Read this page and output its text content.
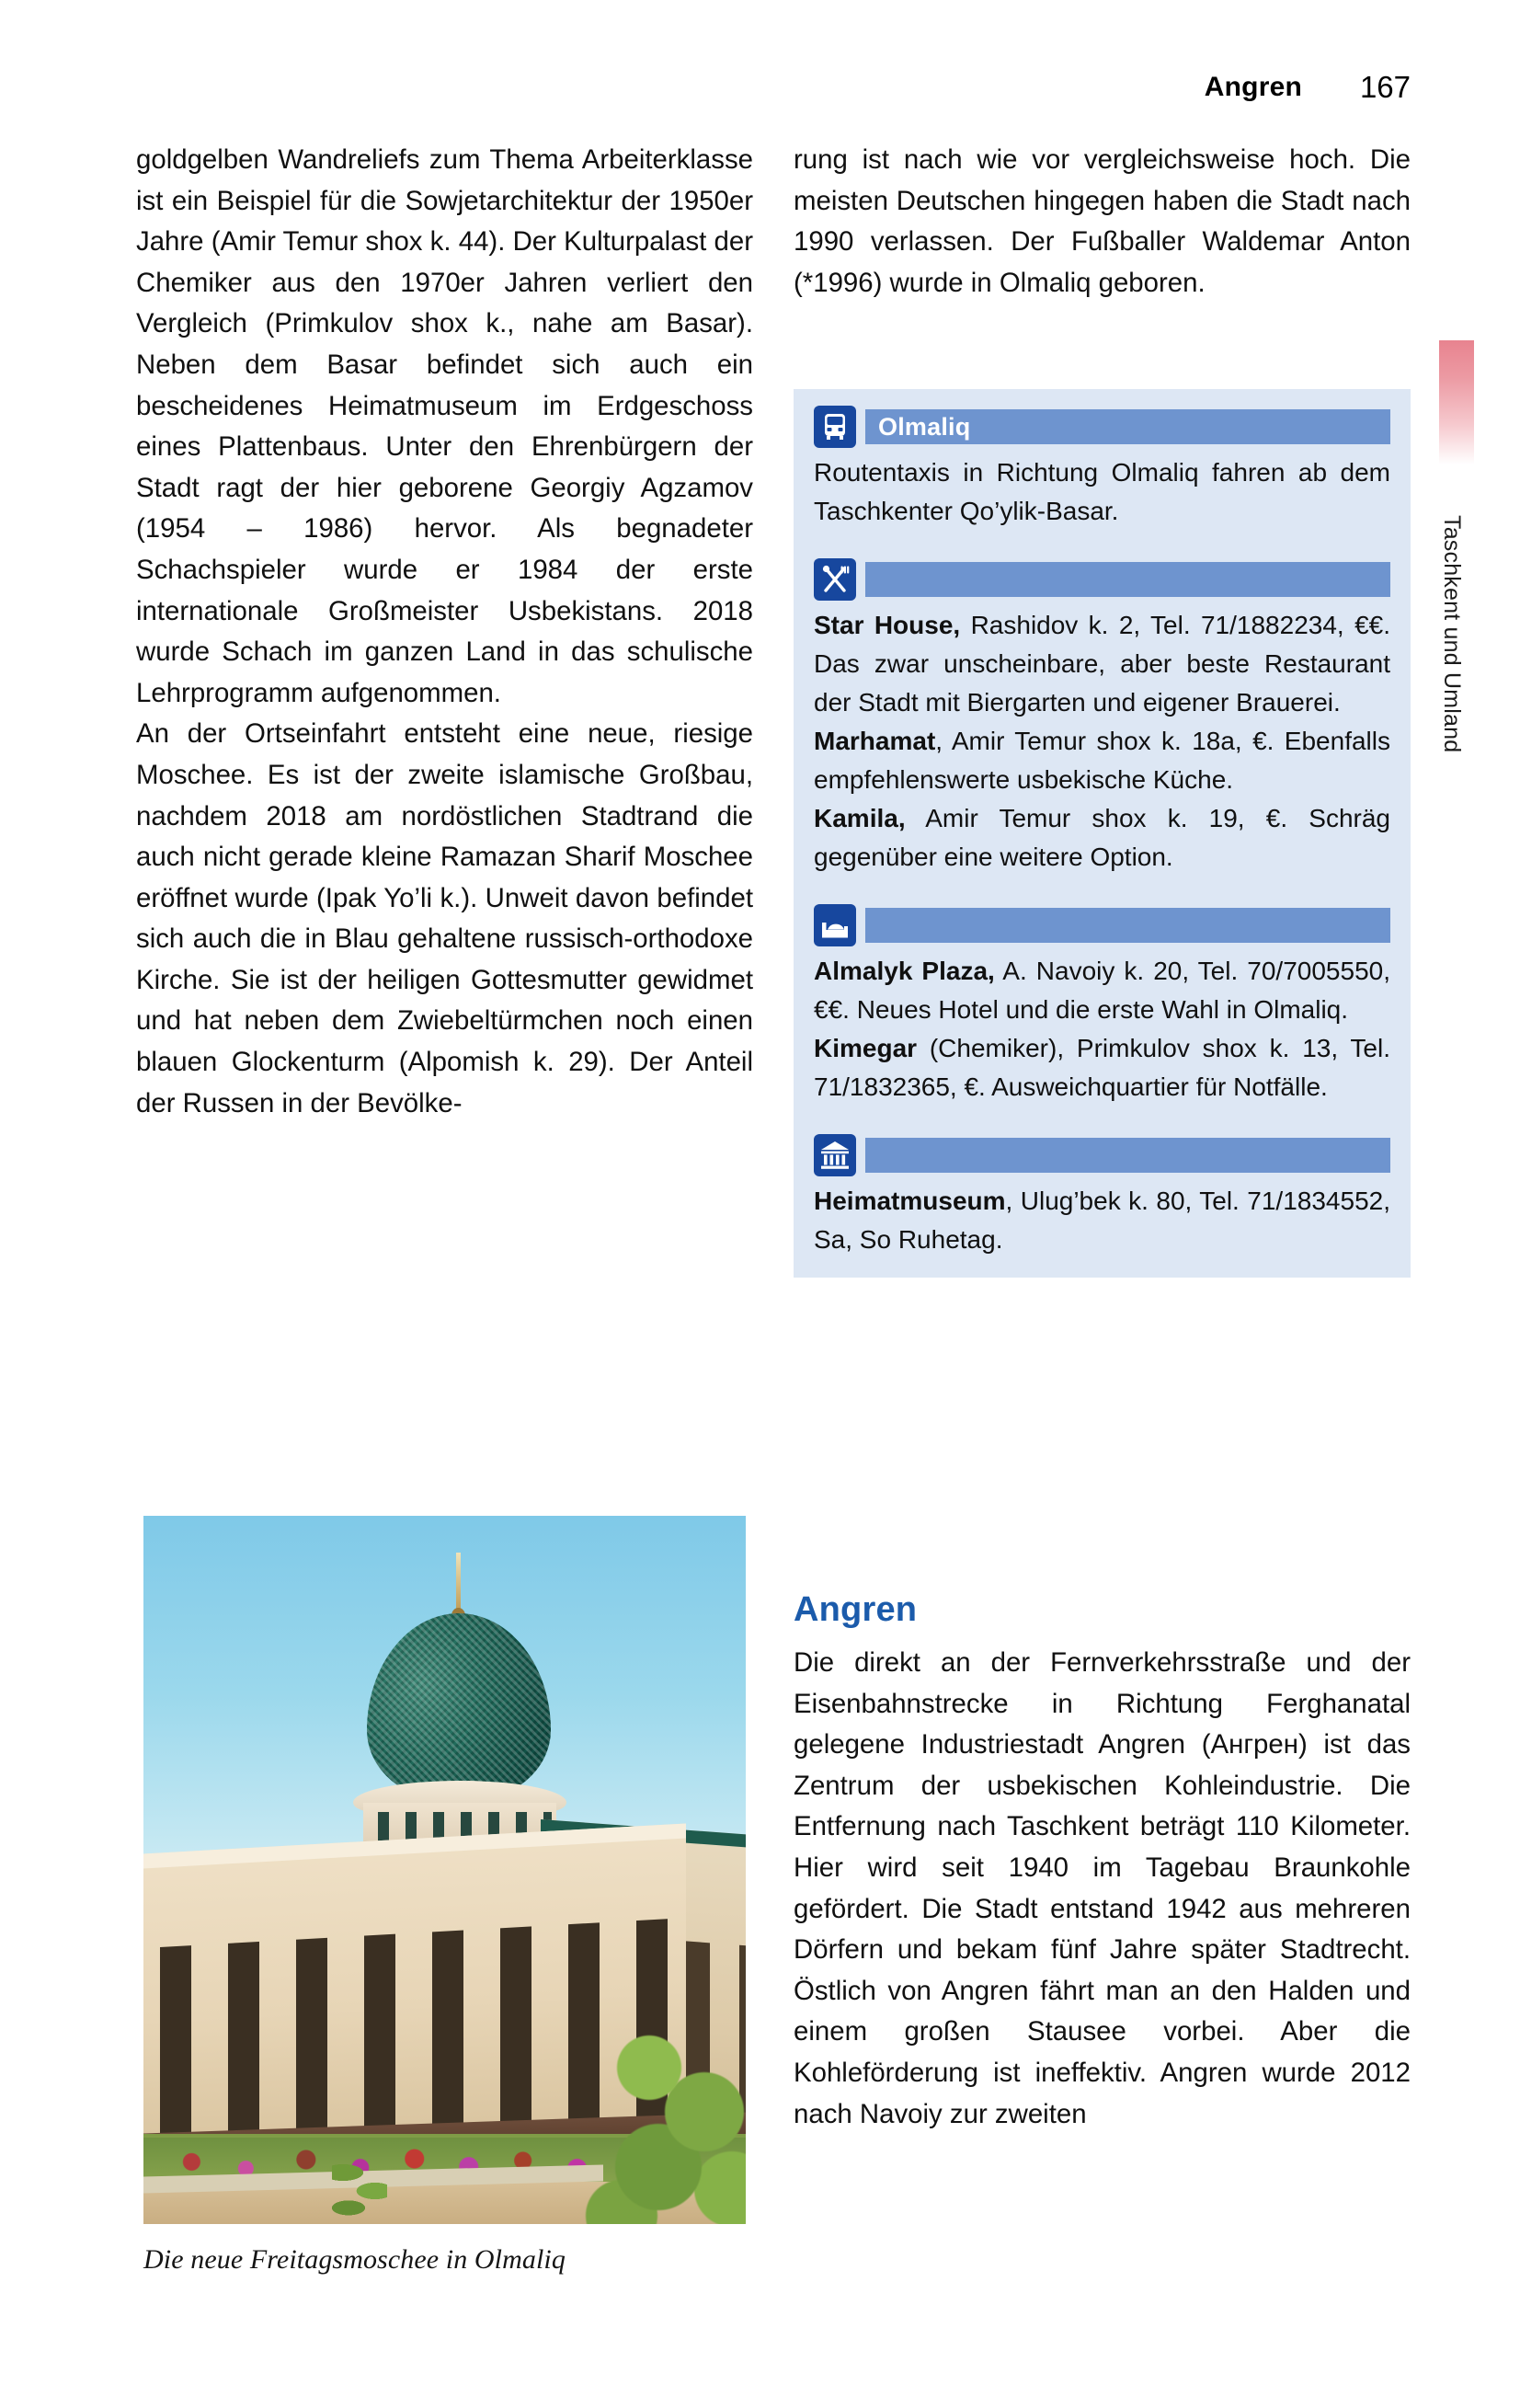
Angren 167
Taschkent und Umland

goldgelben Wandreliefs zum Thema Arbeiterklasse ist ein Beispiel für die Sowjetarchitektur der 1950er Jahre (Amir Temur shox k. 44). Der Kulturpalast der Chemiker aus den 1970er Jahren verliert den Vergleich (Primkulov shox k., nahe am Basar). Neben dem Basar befindet sich auch ein bescheidenes Heimatmuseum im Erdgeschoss eines Plattenbaus. Unter den Ehrenbürgern der Stadt ragt der hier geborene Georgiy Agzamov (1954 – 1986) hervor. Als begnadeter Schachspieler wurde er 1984 der erste internationale Großmeister Usbekistans. 2018 wurde Schach im ganzen Land in das schulische Lehrprogramm aufgenommen.

An der Ortseinfahrt entsteht eine neue, riesige Moschee. Es ist der zweite islamische Großbau, nachdem 2018 am nordöstlichen Stadtrand die auch nicht gerade kleine Ramazan Sharif Moschee eröffnet wurde (Ipak Yo’li k.). Unweit davon befindet sich auch die in Blau gehaltene russisch-orthodoxe Kirche. Sie ist der heiligen Gottesmutter gewidmet und hat neben dem Zwiebeltürmchen noch einen blauen Glockenturm (Alpomish k. 29). Der Anteil der Russen in der Bevölke-

Die neue Freitagsmoschee in Olmaliq

rung ist nach wie vor vergleichsweise hoch. Die meisten Deutschen hingegen haben die Stadt nach 1990 verlassen. Der Fußballer Waldemar Anton (*1996) wurde in Olmaliq geboren.

Olmaliq
Routentaxis in Richtung Olmaliq fahren ab dem Taschkenter Qo’ylik-Basar.
Star House, Rashidov k. 2, Tel. 71/1882234, €€. Das zwar unscheinbare, aber beste Restaurant der Stadt mit Biergarten und eigener Brauerei.
Marhamat, Amir Temur shox k. 18a, €. Ebenfalls empfehlenswerte usbekische Küche.
Kamila, Amir Temur shox k. 19, €. Schräg gegenüber eine weitere Option.
Almalyk Plaza, A. Navoiy k. 20, Tel. 70/7005550, €€. Neues Hotel und die erste Wahl in Olmaliq.
Kimegar (Chemiker), Primkulov shox k. 13, Tel. 71/1832365, €. Ausweichquartier für Notfälle.
Heimatmuseum, Ulug’bek k. 80, Tel. 71/1834552, Sa, So Ruhetag.
Angren

Die direkt an der Fernverkehrsstraße und der Eisenbahnstrecke in Richtung Ferghanatal gelegene Industriestadt Angren (Ангрен) ist das Zentrum der usbekischen Kohleindustrie. Die Entfernung nach Taschkent beträgt 110 Kilometer. Hier wird seit 1940 im Tagebau Braunkohle gefördert. Die Stadt entstand 1942 aus mehreren Dörfern und bekam fünf Jahre später Stadtrecht. Östlich von Angren fährt man an den Halden und einem großen Stausee vorbei. Aber die Kohleförderung ist ineffektiv. Angren wurde 2012 nach Navoiy zur zweiten
